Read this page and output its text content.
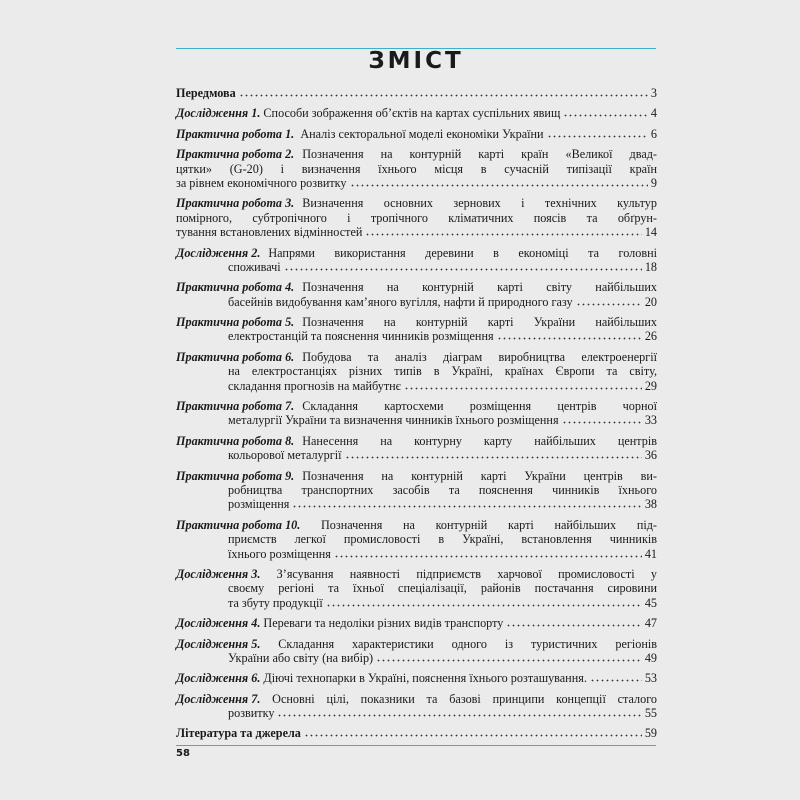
ЗМІСТ
Передмова	3
Дослідження 1. Способи зображення об’єктів на картах суспільних явищ	4
Практична робота 1. Аналіз секторальної моделі економіки України	6
Практична робота 2. Позначення на контурній карті країн «Великої двад-
цятки» (G-20) і визначення їхнього місця в сучасній типізації країн
за рівнем економічного розвитку	9
Практична робота 3. Визначення основних зернових і технічних культур
помірного, субтропічного і тропічного кліматичних поясів та обґрун-
тування встановлених відмінностей	14
Дослідження 2. Напрями використання деревини в економіці та головні
споживачі	18
Практична робота 4. Позначення на контурній карті світу найбільших
басейнів видобування кам’яного вугілля, нафти й природного газу	20
Практична робота 5. Позначення на контурній карті України найбільших
електростанцій та пояснення чинників розміщення	26
Практична робота 6. Побудова та аналіз діаграм виробництва електроенергії
на електростанціях різних типів в Україні, країнах Європи та світу,
складання прогнозів на майбутнє	29
Практична робота 7. Складання картосхеми розміщення центрів чорної
металургії України та визначення чинників їхнього розміщення	33
Практична робота 8. Нанесення на контурну карту найбільших центрів
кольорової металургії	36
Практична робота 9. Позначення на контурній карті України центрів ви-
робництва транспортних засобів та пояснення чинників їхнього
розміщення	38
Практична робота 10. Позначення на контурній карті найбільших під-
приємств легкої промисловості в Україні, встановлення чинників
їхнього розміщення	41
Дослідження 3. З’ясування наявності підприємств харчової промисловості у
своєму регіоні та їхньої спеціалізації, районів постачання сировини
та збуту продукції	45
Дослідження 4. Переваги та недоліки різних видів транспорту	47
Дослідження 5. Складання характеристики одного із туристичних регіонів
України або світу (на вибір)	49
Дослідження 6. Діючі технопарки в Україні, пояснення їхнього розташування.	53
Дослідження 7. Основні цілі, показники та базові принципи концепції сталого
розвитку	55
Література та джерела	59
58
